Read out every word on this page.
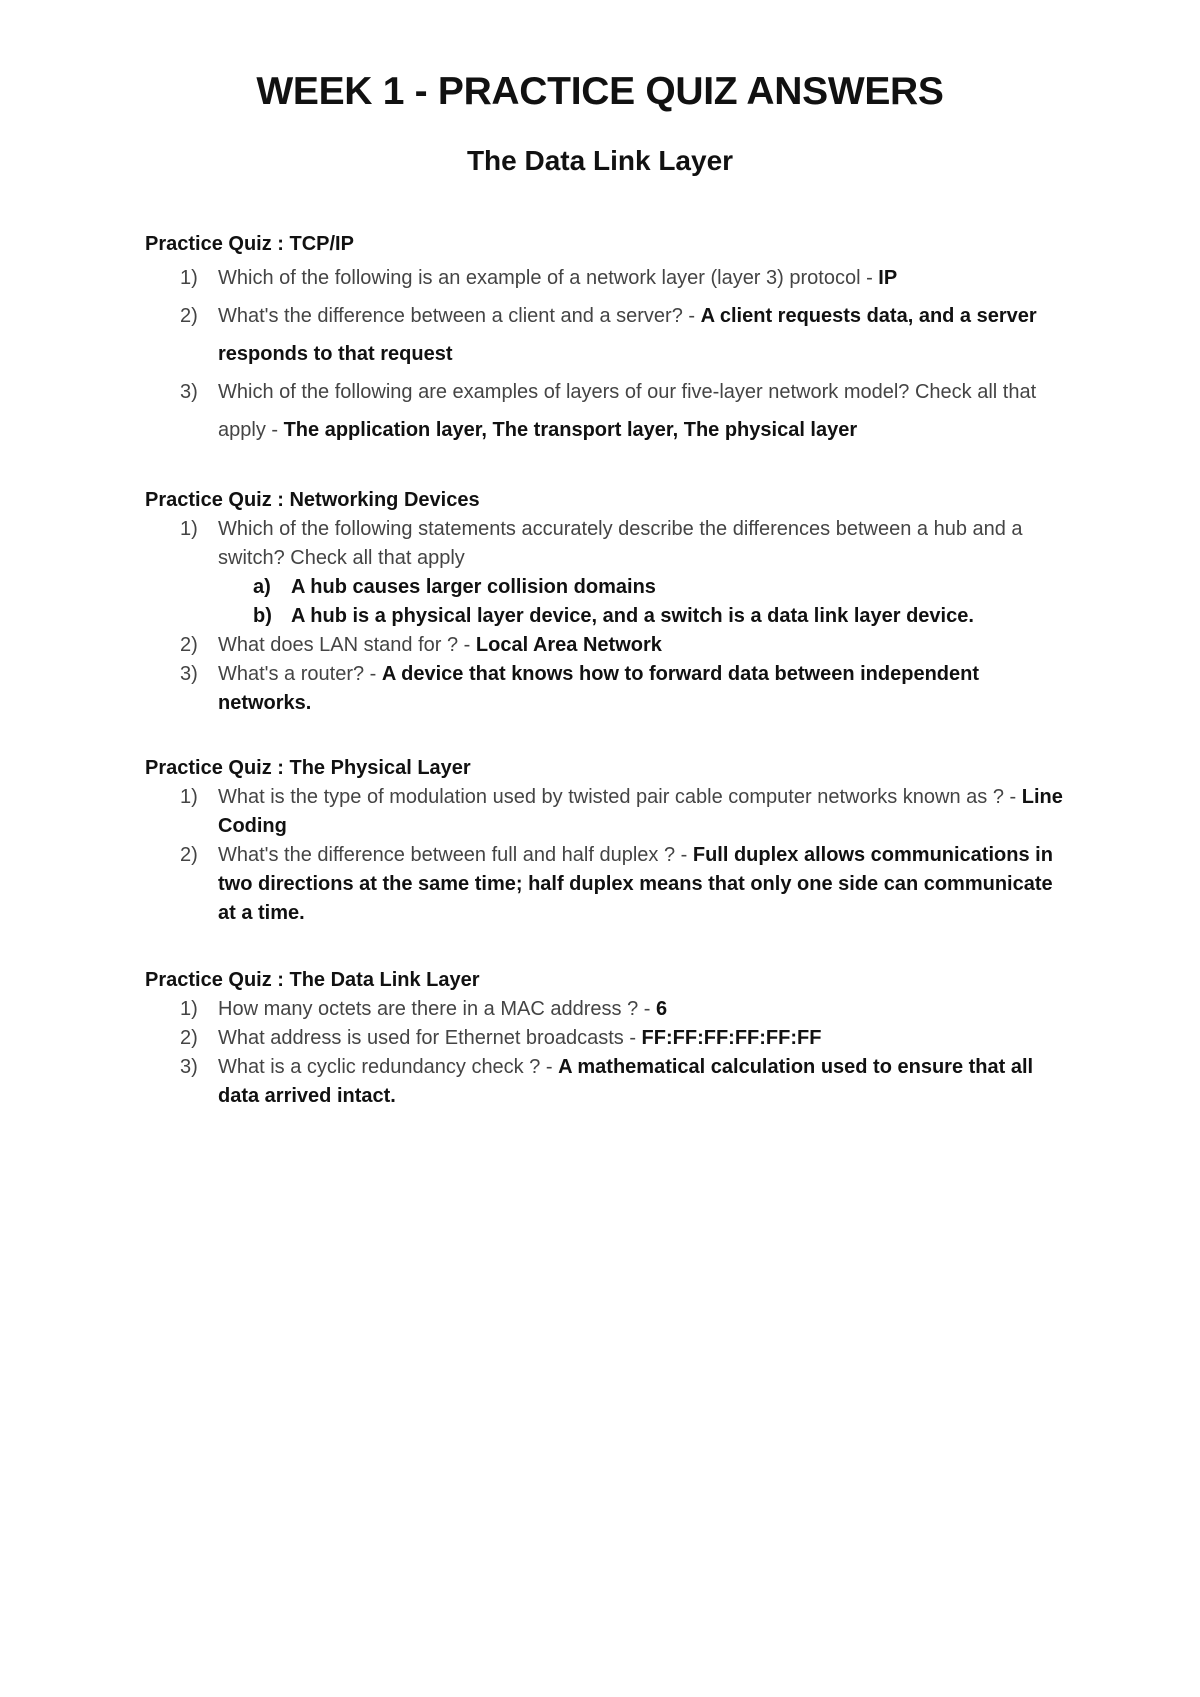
WEEK 1 - PRACTICE QUIZ ANSWERS
The Data Link Layer
Practice Quiz : TCP/IP
1)	Which of the following is an example of a network layer (layer 3) protocol - IP
2)	What's the difference between a client and a server? - A client requests data, and a server responds to that request
3)	Which of the following are examples of layers of our five-layer network model? Check all that apply - The application layer, The transport layer, The physical layer
Practice Quiz : Networking Devices
1)	Which of the following statements accurately describe the differences between a hub and a switch? Check all that apply
a) A hub causes larger collision domains
b) A hub is a physical layer device, and a switch is a data link layer device.
2)	What does LAN stand for ? - Local Area Network
3)	What's a router? - A device that knows how to forward data between independent networks.
Practice Quiz : The Physical Layer
1)	What is the type of modulation used by twisted pair cable computer networks known as ? - Line Coding
2)	What's the difference between full and half duplex ? - Full duplex allows communications in two directions at the same time; half duplex means that only one side can communicate at a time.
Practice Quiz : The Data Link Layer
1)	How many octets are there in a MAC address ? - 6
2)	What address is used for Ethernet broadcasts - FF:FF:FF:FF:FF:FF
3)	What is a cyclic redundancy check ? - A mathematical calculation used to ensure that all data arrived intact.
